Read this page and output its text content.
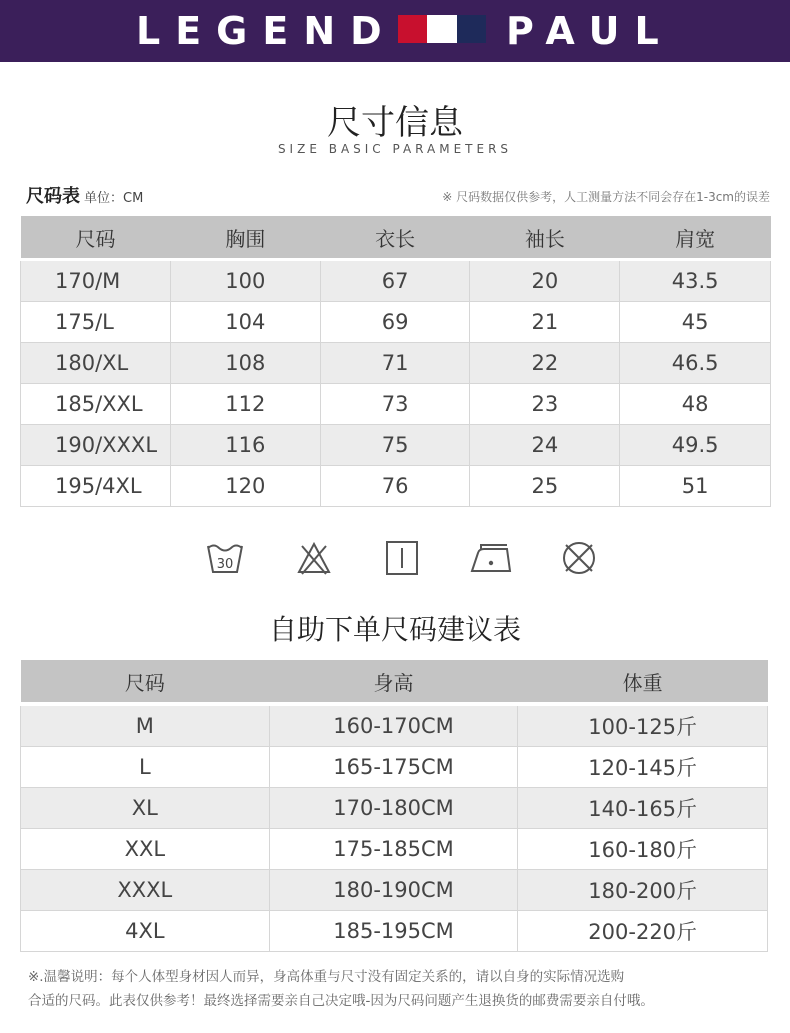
LEGEND	PAUL
尺寸信息
SIZE BASIC PARAMETERS
尺码表 单位：CM	※ 尺码数据仅供参考，人工测量方法不同会存在1-3cm的误差
尺码	胸围	衣长	袖长	肩宽
170/M	100	67	20	43.5
175/L	104	69	21	45
180/XL	108	71	22	46.5
185/XXL	112	73	23	48
190/XXXL	116	75	24	49.5
195/4XL	120	76	25	51
30
自助下单尺码建议表
尺码	身高	体重
M	160-170CM	100-125斤
L	165-175CM	120-145斤
XL	170-180CM	140-165斤
XXL	175-185CM	160-180斤
XXXL	180-190CM	180-200斤
4XL	185-195CM	200-220斤
※.温馨说明：每个人体型身材因人而异，身高体重与尺寸没有固定关系的，请以自身的实际情况选购
合适的尺码。此表仅供参考！最终选择需要亲自己决定哦-因为尺码问题产生退换货的邮费需要亲自付哦。
